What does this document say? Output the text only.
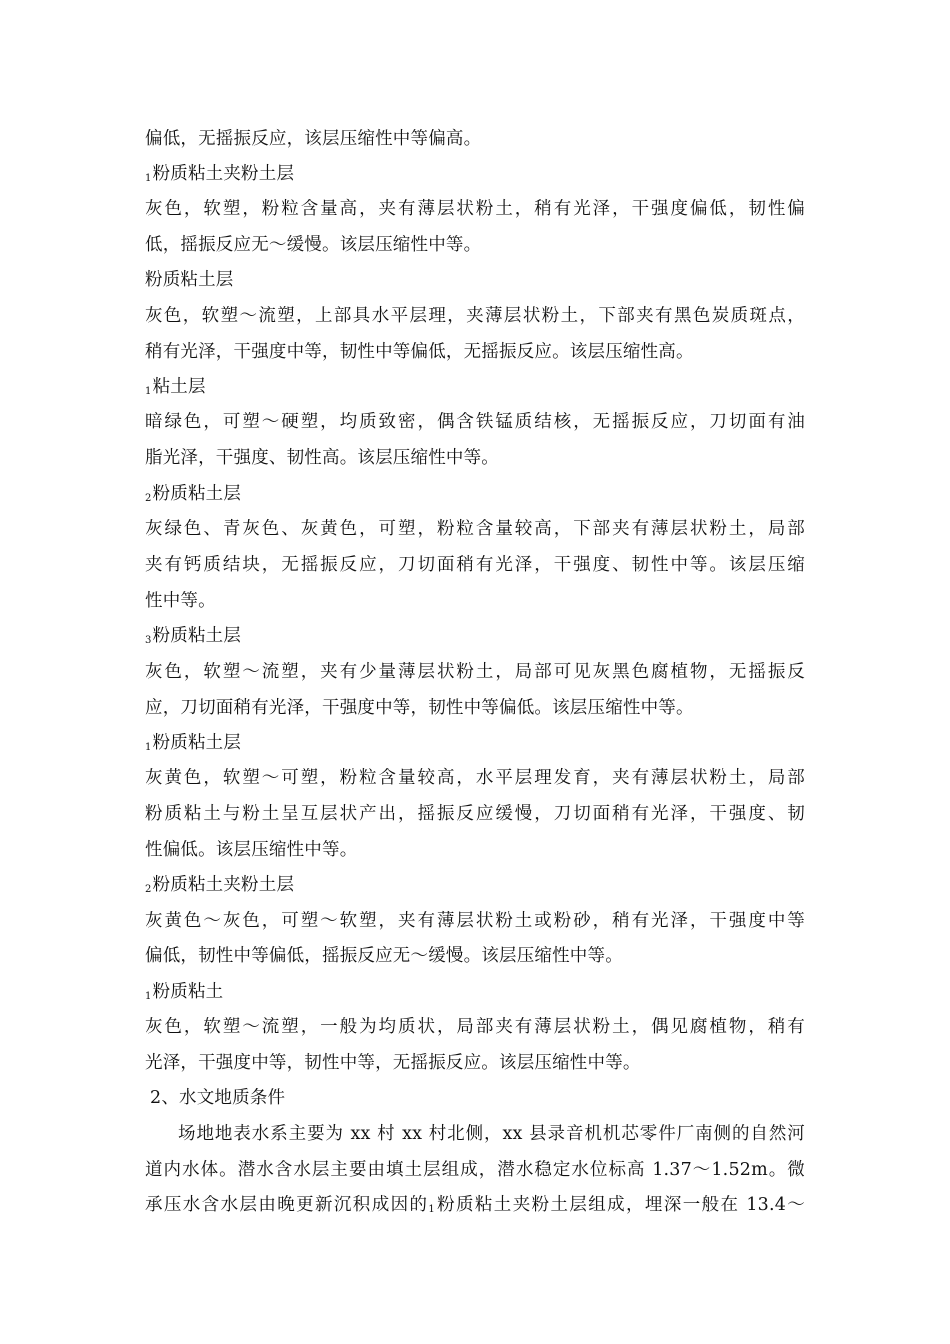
偏低，无摇振反应，该层压缩性中等偏高。
$_1$粉质粘土夹粉土层
灰色，软塑，粉粒含量高，夹有薄层状粉土，稍有光泽，干强度偏低，韧性偏
低，摇振反应无～缓慢。该层压缩性中等。
粉质粘土层
灰色，软塑～流塑，上部具水平层理，夹薄层状粉土，下部夹有黑色炭质斑点，
稍有光泽，干强度中等，韧性中等偏低，无摇振反应。该层压缩性高。
$_1$粘土层
暗绿色，可塑～硬塑，均质致密，偶含铁锰质结核，无摇振反应，刀切面有油
脂光泽，干强度、韧性高。该层压缩性中等。
$_2$粉质粘土层
灰绿色、青灰色、灰黄色，可塑，粉粒含量较高，下部夹有薄层状粉土，局部
夹有钙质结块，无摇振反应，刀切面稍有光泽，干强度、韧性中等。该层压缩
性中等。
$_3$粉质粘土层
灰色，软塑～流塑，夹有少量薄层状粉土，局部可见灰黑色腐植物，无摇振反
应，刀切面稍有光泽，干强度中等，韧性中等偏低。该层压缩性中等。
$_1$粉质粘土层
灰黄色，软塑～可塑，粉粒含量较高，水平层理发育，夹有薄层状粉土，局部
粉质粘土与粉土呈互层状产出，摇振反应缓慢，刀切面稍有光泽，干强度、韧
性偏低。该层压缩性中等。
$_2$粉质粘土夹粉土层
灰黄色～灰色，可塑～软塑，夹有薄层状粉土或粉砂，稍有光泽，干强度中等
偏低，韧性中等偏低，摇振反应无～缓慢。该层压缩性中等。
$_1$粉质粘土
灰色，软塑～流塑，一般为均质状，局部夹有薄层状粉土，偶见腐植物，稍有
光泽，干强度中等，韧性中等，无摇振反应。该层压缩性中等。
2、水文地质条件
场地地表水系主要为 xx 村 xx 村北侧，xx 县录音机机芯零件厂南侧的自然河
道内水体。潜水含水层主要由填土层组成，潜水稳定水位标高 1.37～1.52m。微
承压水含水层由晚更新沉积成因的$_1$粉质粘土夹粉土层组成，埋深一般在 13.4～
